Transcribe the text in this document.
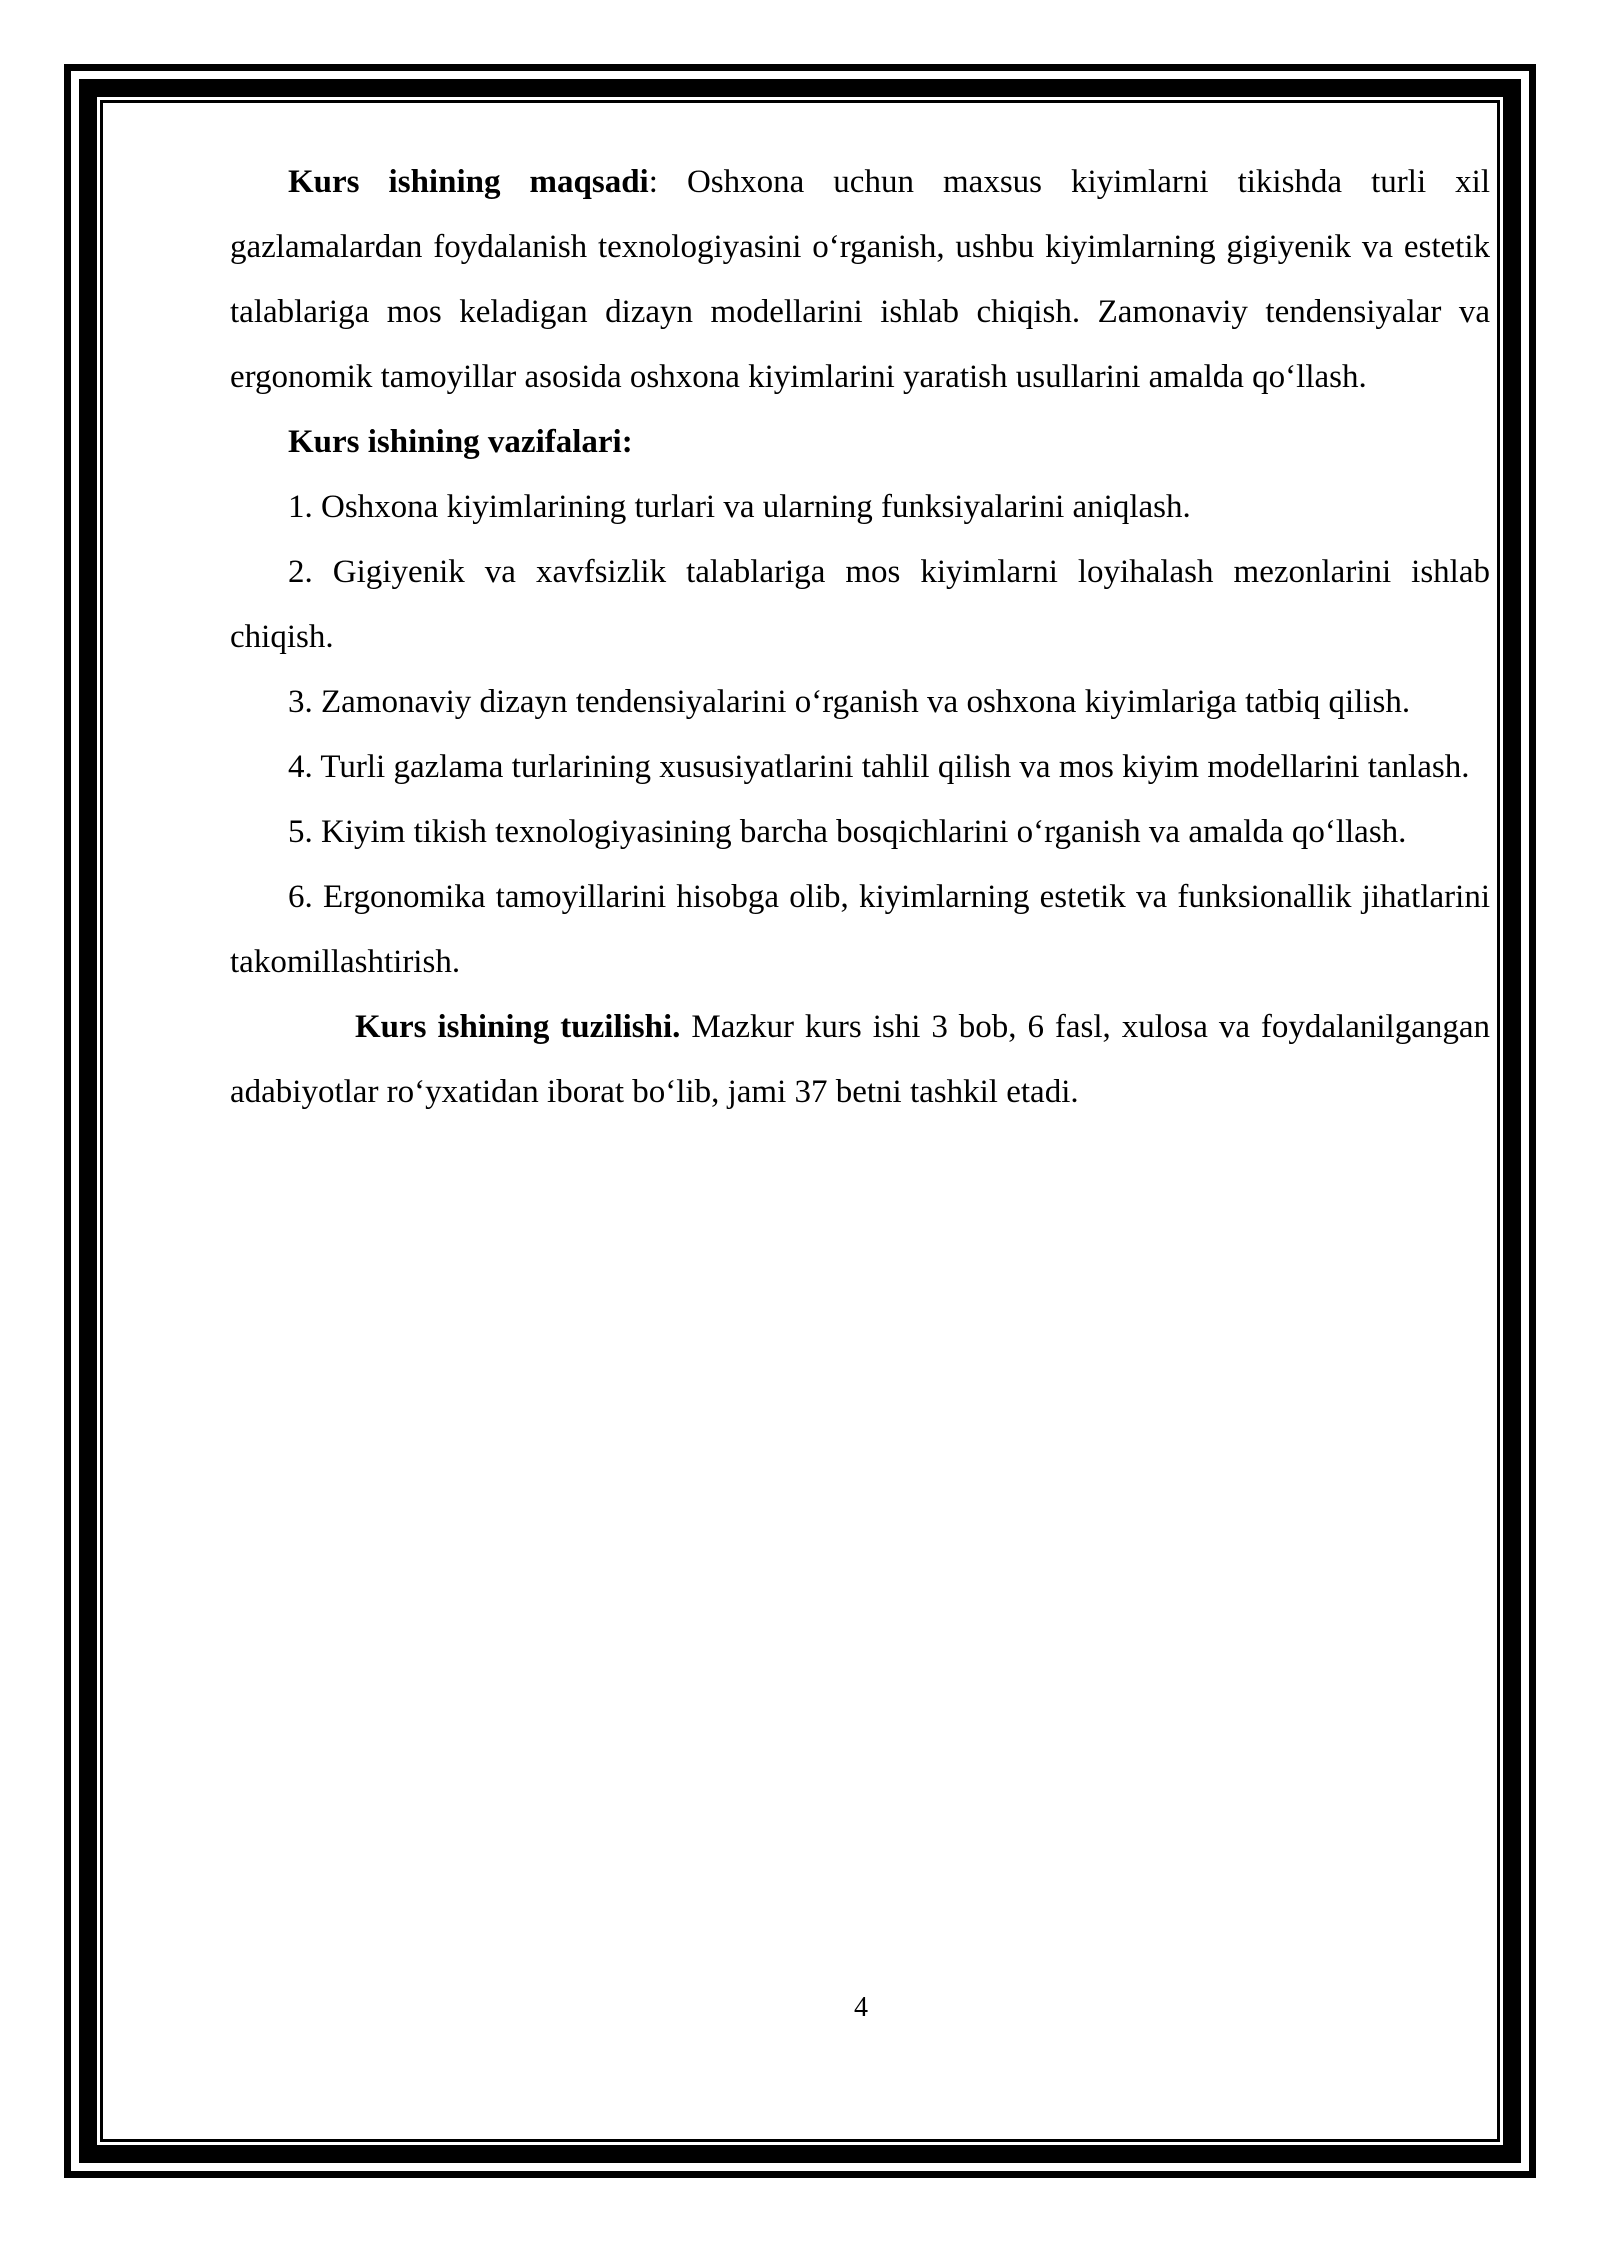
Kurs ishining maqsadi: Oshxona uchun maxsus kiyimlarni tikishda turli xil gazlamalardan foydalanish texnologiyasini o‘rganish, ushbu kiyimlarning gigiyenik va estetik talablariga mos keladigan dizayn modellarini ishlab chiqish. Zamonaviy tendensiyalar va ergonomik tamoyillar asosida oshxona kiyimlarini yaratish usullarini amalda qo‘llash.

Kurs ishining vazifalari:

1. Oshxona kiyimlarining turlari va ularning funksiyalarini aniqlash.

2. Gigiyenik va xavfsizlik talablariga mos kiyimlarni loyihalash mezonlarini ishlab chiqish.

3. Zamonaviy dizayn tendensiyalarini o‘rganish va oshxona kiyimlariga tatbiq qilish.

4. Turli gazlama turlarining xususiyatlarini tahlil qilish va mos kiyim modellarini tanlash.

5. Kiyim tikish texnologiyasining barcha bosqichlarini o‘rganish va amalda qo‘llash.

6. Ergonomika tamoyillarini hisobga olib, kiyimlarning estetik va funksionallik jihatlarini takomillashtirish.

Kurs ishining tuzilishi. Mazkur kurs ishi 3 bob, 6 fasl, xulosa va foydalanilgangan adabiyotlar ro‘yxatidan iborat bo‘lib, jami 37 betni tashkil etadi.

4
